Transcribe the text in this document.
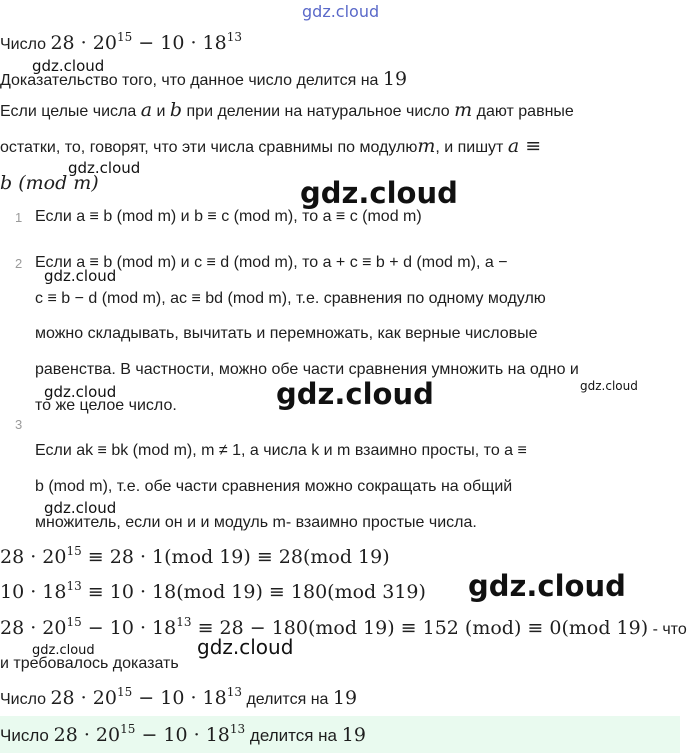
gdz.cloud
gdz.cloud
gdz.cloud
gdz.cloud
gdz.cloud
gdz.cloud	gdz.cloud
gdz.cloud
gdz.cloud
gdz.cloud
gdz.cloud	gdz.cloud
Число $28 \cdot 20^{15} - 10 \cdot 18^{13}$
Доказательство того, что данное число делится на 19
Если целые числа a и b при делении на натуральное число m дают равные
остатки, то, говорят, что эти числа сравнимы по модулюm, и пишут a ≡
b (mod m)
1 Если a ≡ b (mod m) и b ≡ c (mod m), то a ≡ c (mod m)
2 Если a ≡ b (mod m) и c ≡ d (mod m), то a + c ≡ b + d (mod m), a −
c ≡ b − d (mod m), ac ≡ bd (mod m), т.е. сравнения по одному модулю
можно складывать, вычитать и перемножать, как верные числовые
равенства. В частности, можно обе части сравнения умножить на одно и
то же целое число.
3
Если ak ≡ bk (mod m), m ≠ 1, а числа k и m взаимно просты, то a ≡
b (mod m), т.е. обе части сравнения можно сокращать на общий
множитель, если он и и модуль m- взаимно простые числа.
$28 \cdot 20^{15} \equiv 28 \cdot 1(mod$ 19) ≡ 28(mod 19)
$10 \cdot 18^{13} \equiv 10 \cdot 18(mod$ 19) ≡ 180(mod 319)
$28 \cdot 20^{15} - 10 \cdot 18^{13} \equiv 28 - 180(mod$ 19) ≡ 152 (mod) ≡ 0(mod 19) - что
и требовалось доказать
Число $28 \cdot 20^{15} - 10 \cdot 18^{13}$ делится на 19
Число $28 \cdot 20^{15} - 10 \cdot 18^{13}$ делится на 19
